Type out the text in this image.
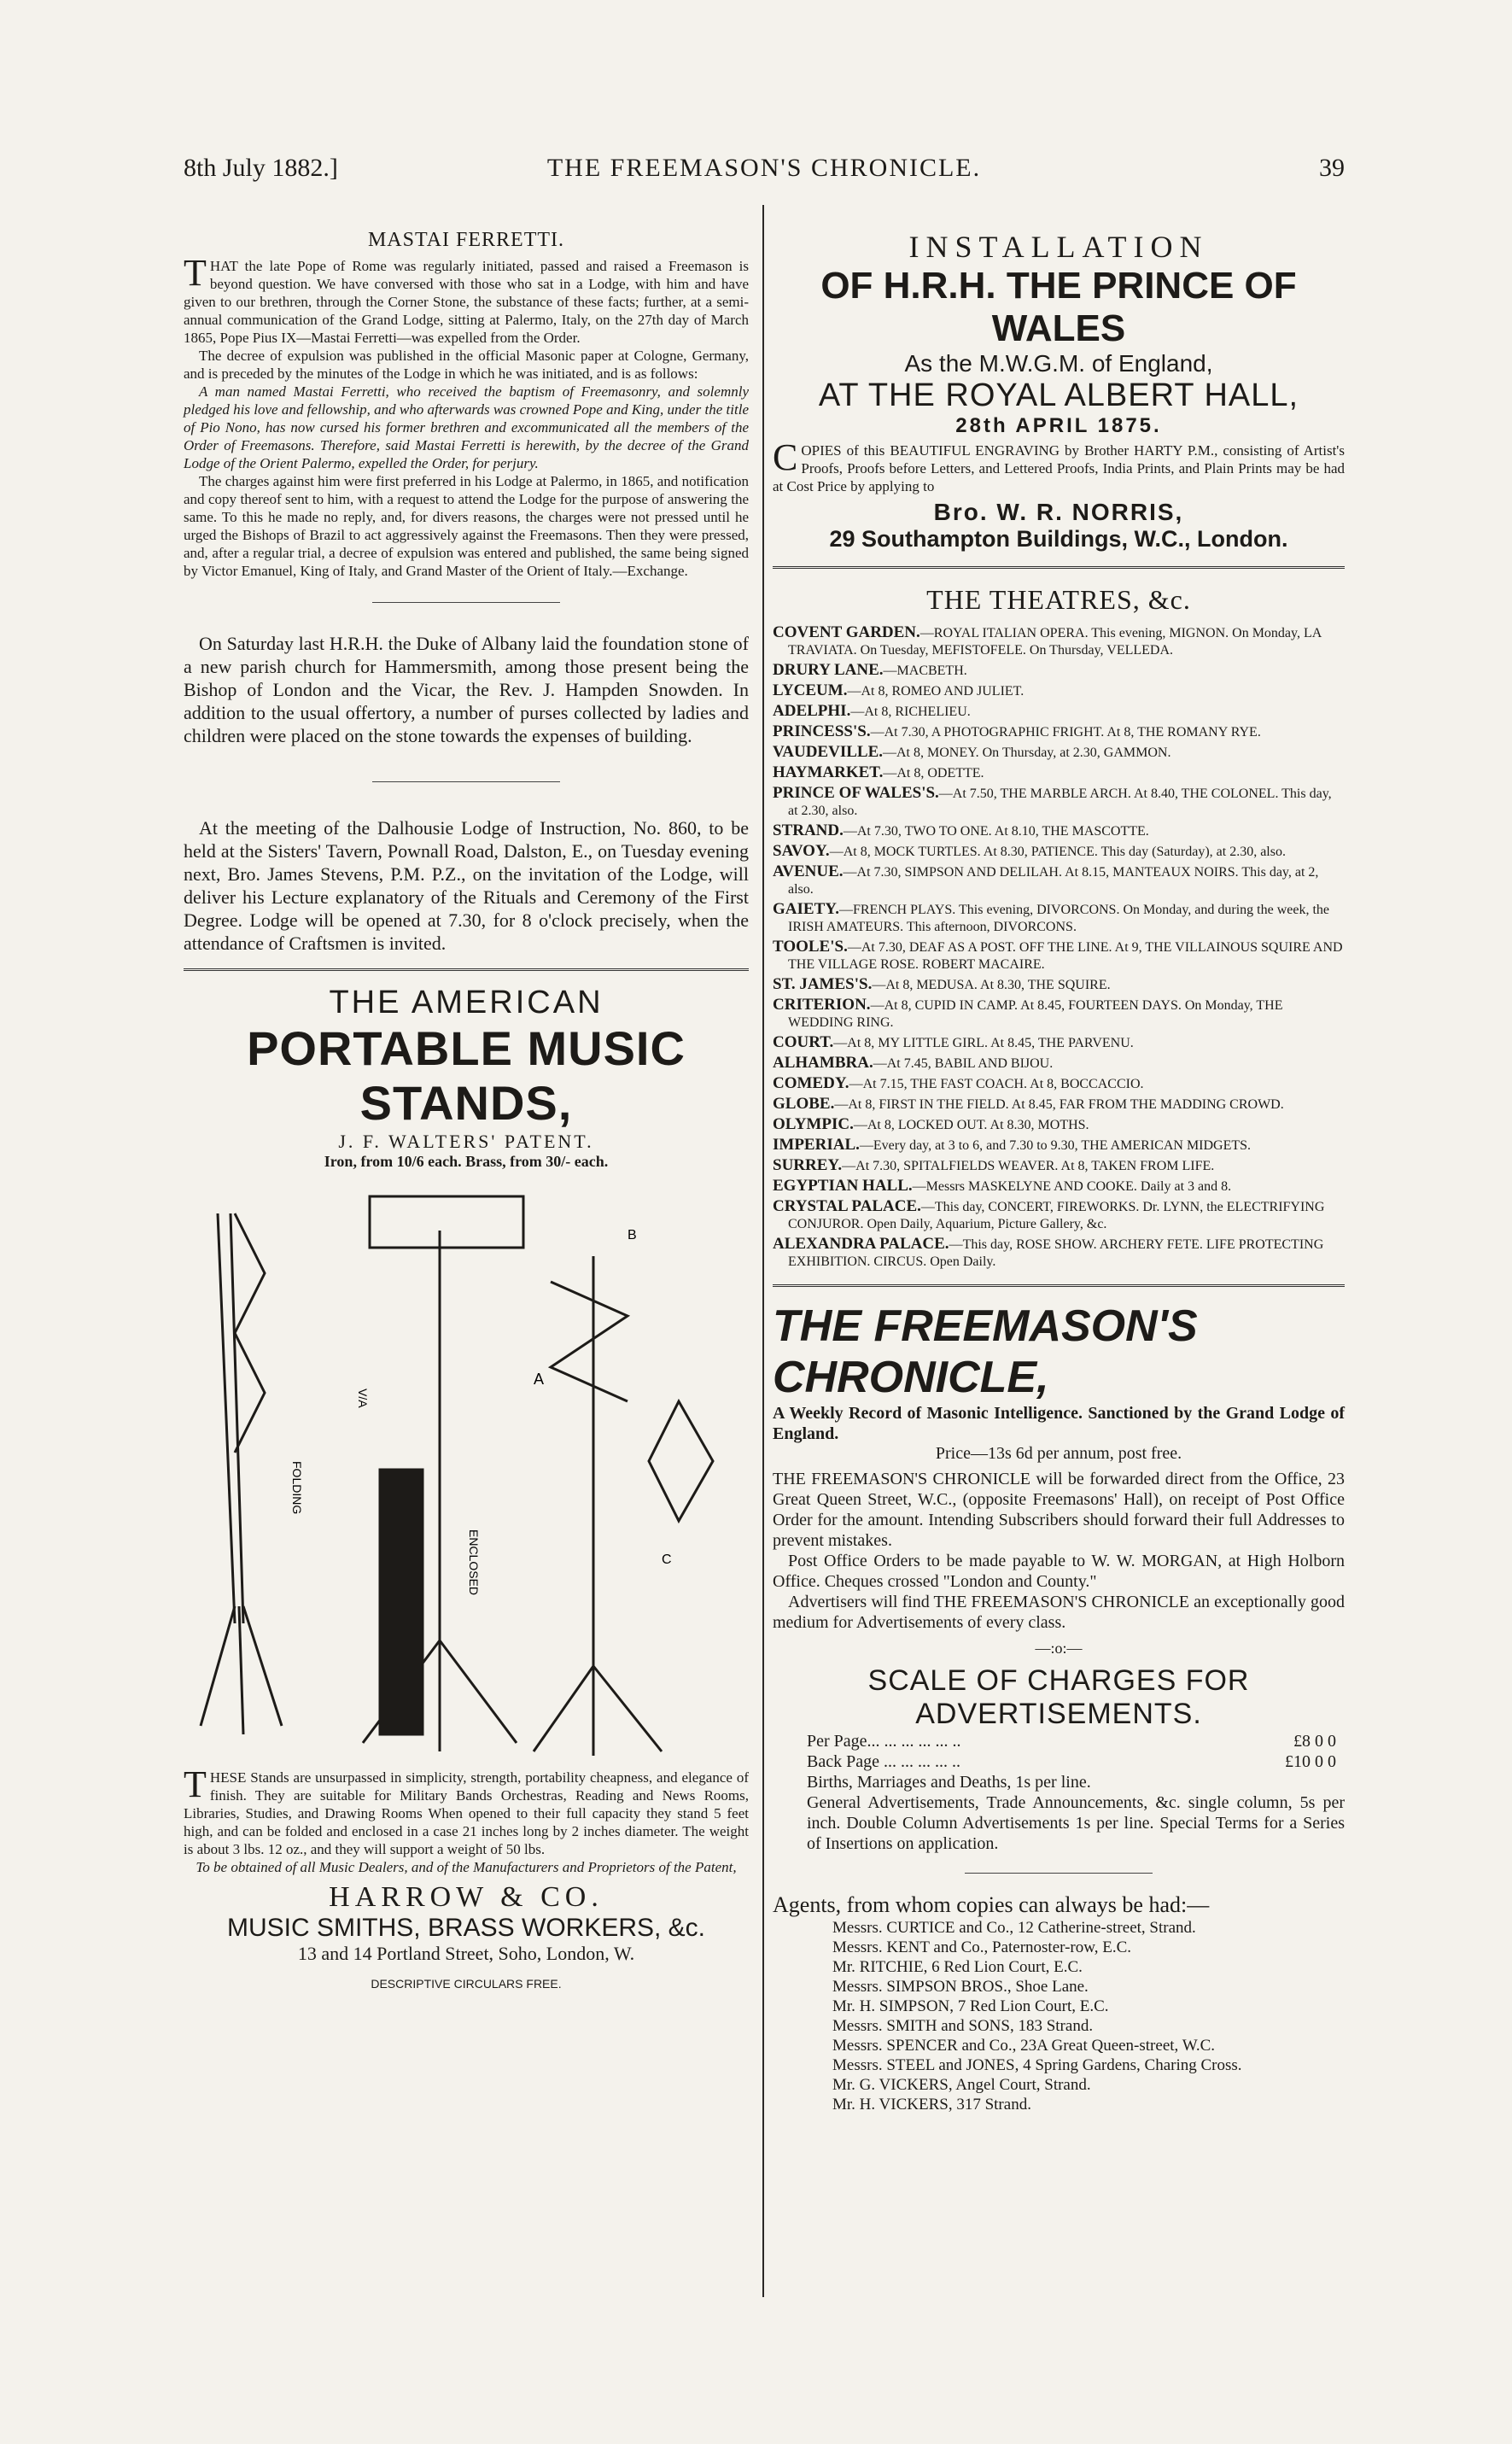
8th July 1882.]	THE FREEMASON'S CHRONICLE.	39
MASTAI FERRETTI.

THAT the late Pope of Rome was regularly initiated, passed and raised a Freemason is beyond question. We have conversed with those who sat in a Lodge, with him and have given to our brethren, through the Corner Stone, the substance of these facts; further, at a semi-annual communication of the Grand Lodge, sitting at Palermo, Italy, on the 27th day of March 1865, Pope Pius IX—Mastai Ferretti—was expelled from the Order.

The decree of expulsion was published in the official Masonic paper at Cologne, Germany, and is preceded by the minutes of the Lodge in which he was initiated, and is as follows:

A man named Mastai Ferretti, who received the baptism of Freemasonry, and solemnly pledged his love and fellowship, and who afterwards was crowned Pope and King, under the title of Pio Nono, has now cursed his former brethren and excommunicated all the members of the Order of Freemasons. Therefore, said Mastai Ferretti is herewith, by the decree of the Grand Lodge of the Orient Palermo, expelled the Order, for perjury.

The charges against him were first preferred in his Lodge at Palermo, in 1865, and notification and copy thereof sent to him, with a request to attend the Lodge for the purpose of answering the same. To this he made no reply, and, for divers reasons, the charges were not pressed until he urged the Bishops of Brazil to act aggressively against the Freemasons. Then they were pressed, and, after a regular trial, a decree of expulsion was entered and published, the same being signed by Victor Emanuel, King of Italy, and Grand Master of the Orient of Italy.—Exchange.

On Saturday last H.R.H. the Duke of Albany laid the foundation stone of a new parish church for Hammersmith, among those present being the Bishop of London and the Vicar, the Rev. J. Hampden Snowden. In addition to the usual offertory, a number of purses collected by ladies and children were placed on the stone towards the expenses of building.

At the meeting of the Dalhousie Lodge of Instruction, No. 860, to be held at the Sisters' Tavern, Pownall Road, Dalston, E., on Tuesday evening next, Bro. James Stevens, P.M. P.Z., on the invitation of the Lodge, will deliver his Lecture explanatory of the Rituals and Ceremony of the First Degree. Lodge will be opened at 7.30, for 8 o'clock precisely, when the attendance of Craftsmen is invited.

THE AMERICAN
PORTABLE MUSIC STANDS,
J. F. WALTERS' PATENT.
Iron, from 10/6 each. Brass, from 30/- each.
FOLDING
ENCLOSED
A
B
C
V/A

THESE Stands are unsurpassed in simplicity, strength, portability cheapness, and elegance of finish. They are suitable for Military Bands Orchestras, Reading and News Rooms, Libraries, Studies, and Drawing Rooms When opened to their full capacity they stand 5 feet high, and can be folded and enclosed in a case 21 inches long by 2 inches diameter. The weight is about 3 lbs. 12 oz., and they will support a weight of 50 lbs.

To be obtained of all Music Dealers, and of the Manufacturers and Proprietors of the Patent,

HARROW & CO.
MUSIC SMITHS, BRASS WORKERS, &c.
13 and 14 Portland Street, Soho, London, W.
DESCRIPTIVE CIRCULARS FREE.
INSTALLATION
OF H.R.H. THE PRINCE OF WALES
As the M.W.G.M. of England,
AT THE ROYAL ALBERT HALL,
28th APRIL 1875.

COPIES of this BEAUTIFUL ENGRAVING by Brother HARTY P.M., consisting of Artist's Proofs, Proofs before Letters, and Lettered Proofs, India Prints, and Plain Prints may be had at Cost Price by applying to

Bro. W. R. NORRIS,
29 Southampton Buildings, W.C., London.
THE THEATRES, &c.
COVENT GARDEN.—ROYAL ITALIAN OPERA. This evening, MIGNON. On Monday, LA TRAVIATA. On Tuesday, MEFISTOFELE. On Thursday, VELLEDA.
DRURY LANE.—MACBETH.
LYCEUM.—At 8, ROMEO AND JULIET.
ADELPHI.—At 8, RICHELIEU.
PRINCESS'S.—At 7.30, A PHOTOGRAPHIC FRIGHT. At 8, THE ROMANY RYE.
VAUDEVILLE.—At 8, MONEY. On Thursday, at 2.30, GAMMON.
HAYMARKET.—At 8, ODETTE.
PRINCE OF WALES'S.—At 7.50, THE MARBLE ARCH. At 8.40, THE COLONEL. This day, at 2.30, also.
STRAND.—At 7.30, TWO TO ONE. At 8.10, THE MASCOTTE.
SAVOY.—At 8, MOCK TURTLES. At 8.30, PATIENCE. This day (Saturday), at 2.30, also.
AVENUE.—At 7.30, SIMPSON AND DELILAH. At 8.15, MANTEAUX NOIRS. This day, at 2, also.
GAIETY.—FRENCH PLAYS. This evening, DIVORCONS. On Monday, and during the week, the IRISH AMATEURS. This afternoon, DIVORCONS.
TOOLE'S.—At 7.30, DEAF AS A POST. OFF THE LINE. At 9, THE VILLAINOUS SQUIRE AND THE VILLAGE ROSE. ROBERT MACAIRE.
ST. JAMES'S.—At 8, MEDUSA. At 8.30, THE SQUIRE.
CRITERION.—At 8, CUPID IN CAMP. At 8.45, FOURTEEN DAYS. On Monday, THE WEDDING RING.
COURT.—At 8, MY LITTLE GIRL. At 8.45, THE PARVENU.
ALHAMBRA.—At 7.45, BABIL AND BIJOU.
COMEDY.—At 7.15, THE FAST COACH. At 8, BOCCACCIO.
GLOBE.—At 8, FIRST IN THE FIELD. At 8.45, FAR FROM THE MADDING CROWD.
OLYMPIC.—At 8, LOCKED OUT. At 8.30, MOTHS.
IMPERIAL.—Every day, at 3 to 6, and 7.30 to 9.30, THE AMERICAN MIDGETS.
SURREY.—At 7.30, SPITALFIELDS WEAVER. At 8, TAKEN FROM LIFE.
EGYPTIAN HALL.—Messrs MASKELYNE AND COOKE. Daily at 3 and 8.
CRYSTAL PALACE.—This day, CONCERT, FIREWORKS. Dr. LYNN, the ELECTRIFYING CONJUROR. Open Daily, Aquarium, Picture Gallery, &c.
ALEXANDRA PALACE.—This day, ROSE SHOW. ARCHERY FETE. LIFE PROTECTING EXHIBITION. CIRCUS. Open Daily.
THE FREEMASON'S CHRONICLE,

A Weekly Record of Masonic Intelligence. Sanctioned by the Grand Lodge of England.

Price—13s 6d per annum, post free.

THE FREEMASON'S CHRONICLE will be forwarded direct from the Office, 23 Great Queen Street, W.C., (opposite Freemasons' Hall), on receipt of Post Office Order for the amount. Intending Subscribers should forward their full Addresses to prevent mistakes.

Post Office Orders to be made payable to W. W. MORGAN, at High Holborn Office. Cheques crossed "London and County."

Advertisers will find THE FREEMASON'S CHRONICLE an exceptionally good medium for Advertisements of every class.

—:o:—
SCALE OF CHARGES FOR ADVERTISEMENTS.
Per Page... ... ... ... ... ..	£8 0 0
Back Page ... ... ... ... ..	£10 0 0

Births, Marriages and Deaths, 1s per line.

General Advertisements, Trade Announcements, &c. single column, 5s per inch. Double Column Advertisements 1s per line. Special Terms for a Series of Insertions on application.

Agents, from whom copies can always be had:—
Messrs. CURTICE and Co., 12 Catherine-street, Strand.
Messrs. KENT and Co., Paternoster-row, E.C.
Mr. RITCHIE, 6 Red Lion Court, E.C.
Messrs. SIMPSON BROS., Shoe Lane.
Mr. H. SIMPSON, 7 Red Lion Court, E.C.
Messrs. SMITH and SONS, 183 Strand.
Messrs. SPENCER and Co., 23A Great Queen-street, W.C.
Messrs. STEEL and JONES, 4 Spring Gardens, Charing Cross.
Mr. G. VICKERS, Angel Court, Strand.
Mr. H. VICKERS, 317 Strand.
